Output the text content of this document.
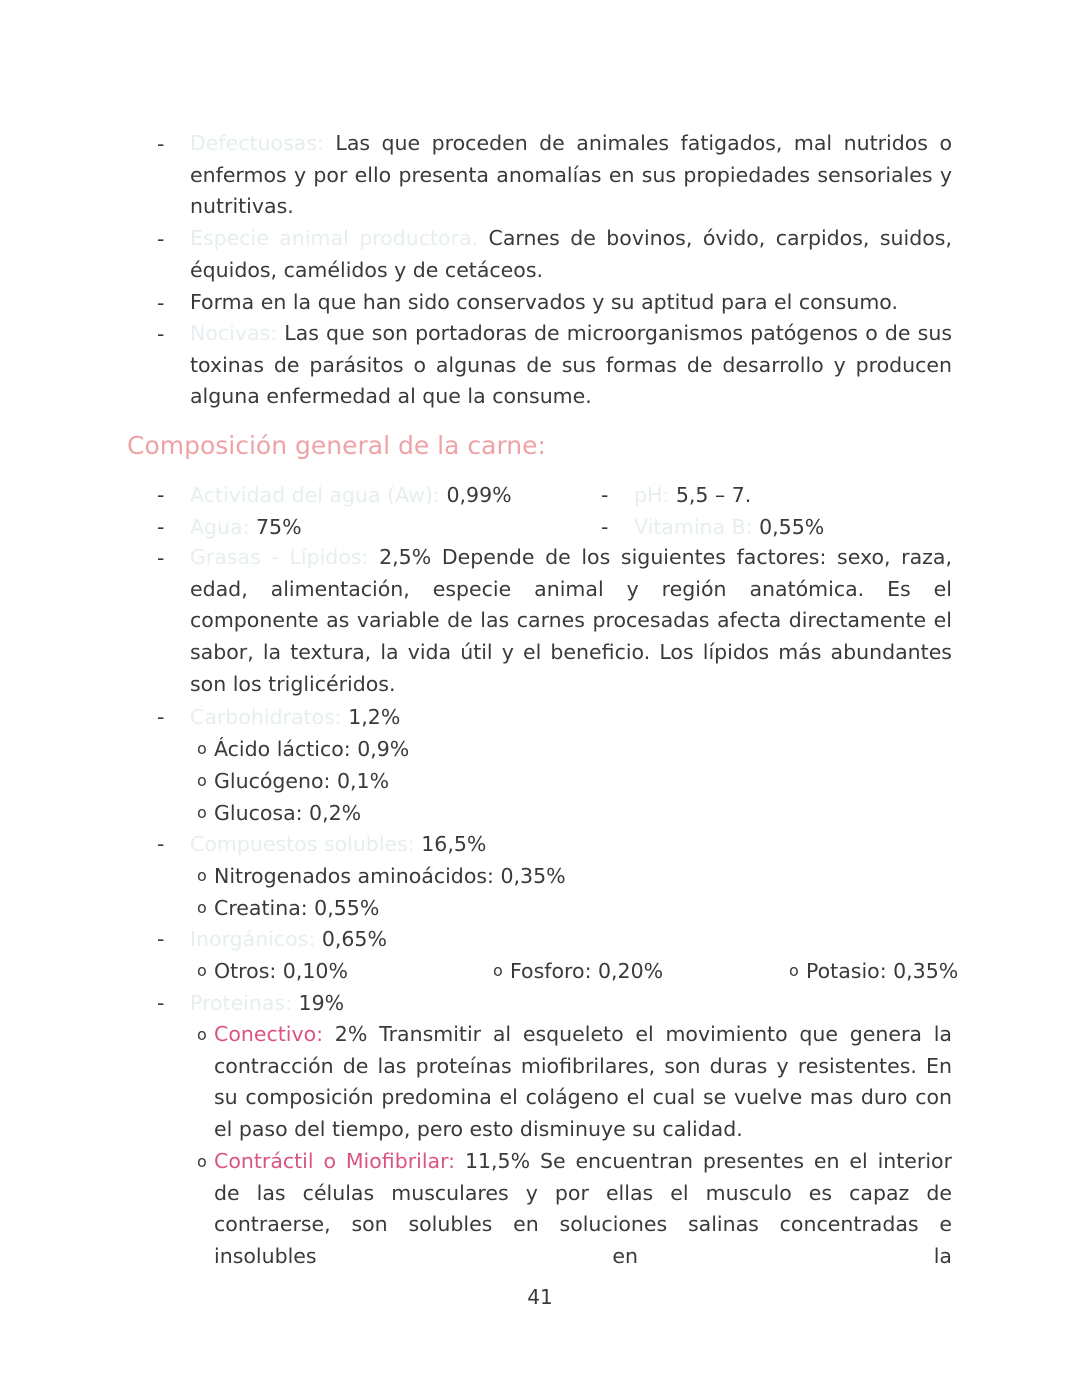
- Defectuosas: Las que proceden de animales fatigados, mal nutridos o enfermos y por ello presenta anomalías en sus propiedades sensoriales y nutritivas.
- Especie animal productora. Carnes de bovinos, óvido, carpidos, suidos, équidos, camélidos y de cetáceos.
- Forma en la que han sido conservados y su aptitud para el consumo.
- Nocivas: Las que son portadoras de microorganismos patógenos o de sus toxinas de parásitos o algunas de sus formas de desarrollo y producen alguna enfermedad al que la consume.
Composición general de la carne:
- Actividad del agua (Aw): 0,99%	- pH: 5,5 – 7.
- Agua: 75%	- Vitamina B: 0,55%
- Grasas - Lípidos: 2,5% Depende de los siguientes factores: sexo, raza, edad, alimentación, especie animal y región anatómica. Es el componente as variable de las carnes procesadas afecta directamente el sabor, la textura, la vida útil y el beneficio. Los lípidos más abundantes son los triglicéridos.
- Carbohidratos: 1,2%
o Ácido láctico: 0,9%
o Glucógeno: 0,1%
o Glucosa: 0,2%
- Compuestos solubles: 16,5%
o Nitrogenados aminoácidos: 0,35%
o Creatina: 0,55%
- Inorgánicos: 0,65%
o Otros: 0,10%	o Fosforo: 0,20%	o Potasio: 0,35%
- Proteinas: 19%
o Conectivo: 2% Transmitir al esqueleto el movimiento que genera la contracción de las proteínas miofibrilares, son duras y resistentes. En su composición predomina el colágeno el cual se vuelve mas duro con el paso del tiempo, pero esto disminuye su calidad.
o Contráctil o Miofibrilar: 11,5% Se encuentran presentes en el interior de las células musculares y por ellas el musculo es capaz de contraerse, son solubles en soluciones salinas concentradas e insolubles en la
41
